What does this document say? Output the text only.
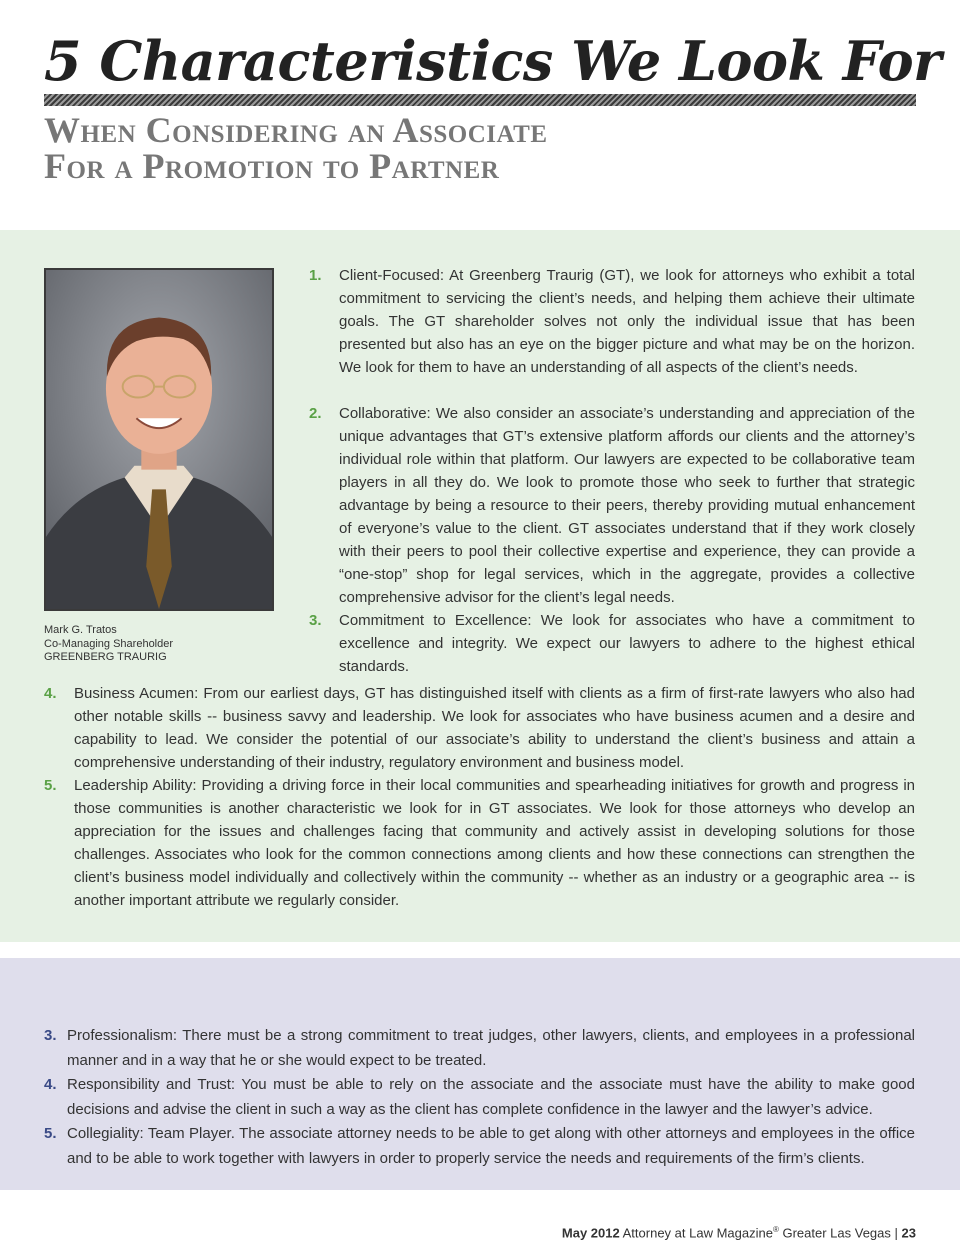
5 Characteristics We Look For
When Considering an Associate
For a Promotion to Partner
Mark G. Tratos
Co-Managing Shareholder
GREENBERG TRAURIG
1. Client-Focused: At Greenberg Traurig (GT), we look for attorneys who exhibit a total commitment to servicing the client’s needs, and helping them achieve their ultimate goals. The GT shareholder solves not only the individual issue that has been presented but also has an eye on the bigger picture and what may be on the horizon. We look for them to have an understanding of all aspects of the client’s needs.
2. Collaborative: We also consider an associate’s understanding and appreciation of the unique advantages that GT’s extensive platform affords our clients and the attorney’s individual role within that platform. Our lawyers are expected to be collaborative team players in all they do. We look to promote those who seek to further that strategic advantage by being a resource to their peers, thereby providing mutual enhancement of everyone’s value to the client. GT associates understand that if they work closely with their peers to pool their collective expertise and experience, they can provide a “one-stop” shop for legal services, which in the aggregate, provides a collective comprehensive advisor for the client’s legal needs.
3. Commitment to Excellence: We look for associates who have a commitment to excellence and integrity. We expect our lawyers to adhere to the highest ethical standards.
4. Business Acumen: From our earliest days, GT has distinguished itself with clients as a firm of first-rate lawyers who also had other notable skills -- business savvy and leadership. We look for associates who have business acumen and a desire and capability to lead. We consider the potential of our associate’s ability to understand the client’s business and attain a comprehensive understanding of their industry, regulatory environment and business model.
5. Leadership Ability: Providing a driving force in their local communities and spearheading initiatives for growth and progress in those communities is another characteristic we look for in GT associates. We look for those attorneys who develop an appreciation for the issues and challenges facing that community and actively assist in developing solutions for those challenges. Associates who look for the common connections among clients and how these connections can strengthen the client’s business model individually and collectively within the community -- whether as an industry or a geographic area -- is another important attribute we regularly consider.
3. Professionalism: There must be a strong commitment to treat judges, other lawyers, clients, and employees in a professional manner and in a way that he or she would expect to be treated.
4. Responsibility and Trust: You must be able to rely on the associate and the associate must have the ability to make good decisions and advise the client in such a way as the client has complete confidence in the lawyer and the lawyer’s advice.
5. Collegiality: Team Player. The associate attorney needs to be able to get along with other attorneys and employees in the office and to be able to work together with lawyers in order to properly service the needs and requirements of the firm’s clients.
May 2012 Attorney at Law Magazine® Greater Las Vegas | 23
